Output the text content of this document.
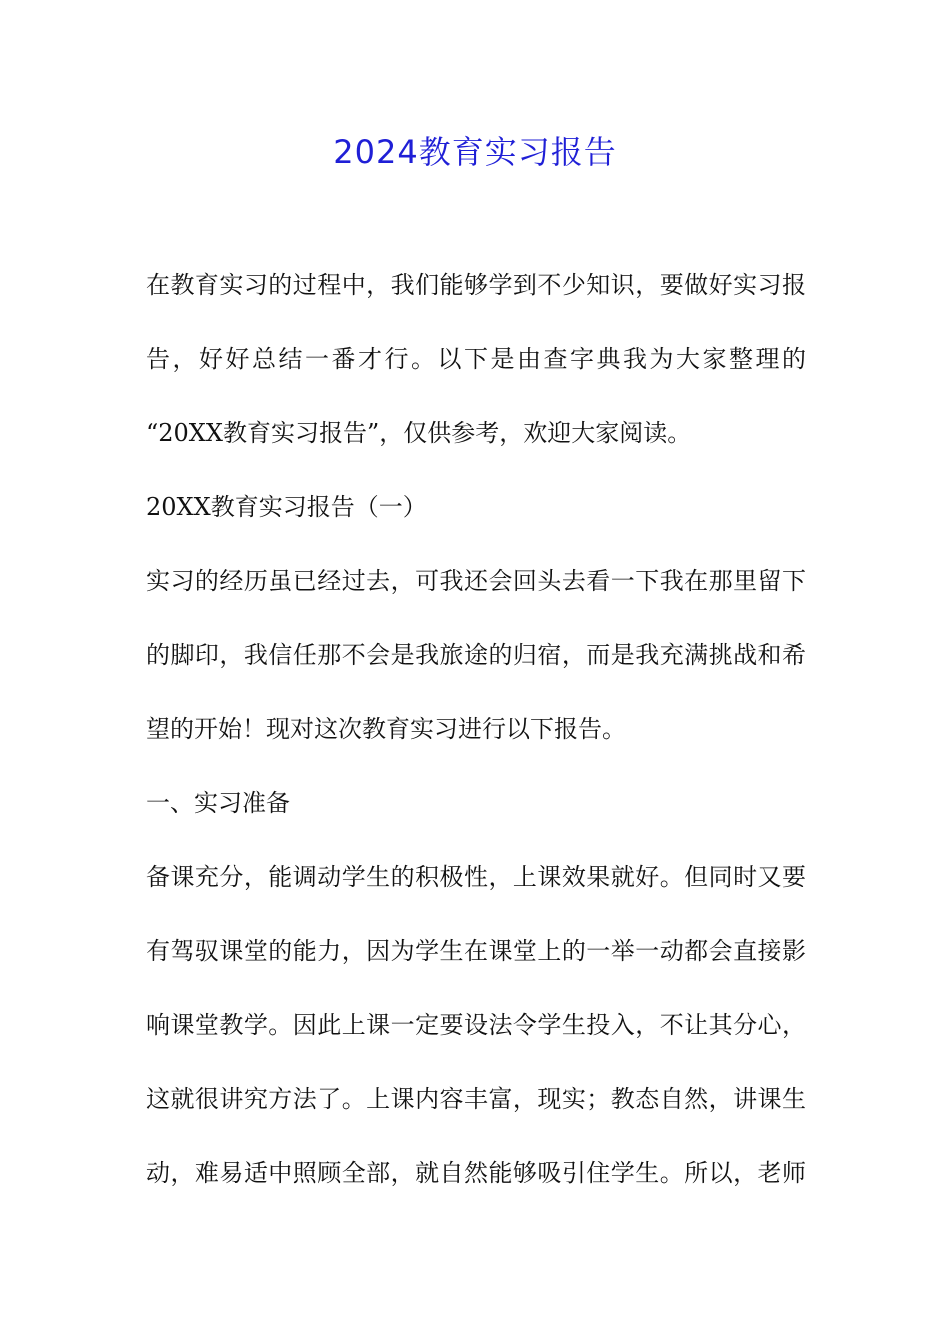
2024教育实习报告
在教育实习的过程中，我们能够学到不少知识，要做好实习报
告，好好总结一番才行。以下是由查字典我为大家整理的
“20XX教育实习报告”，仅供参考，欢迎大家阅读。
20XX教育实习报告（一）
实习的经历虽已经过去，可我还会回头去看一下我在那里留下
的脚印，我信任那不会是我旅途的归宿，而是我充满挑战和希
望的开始！现对这次教育实习进行以下报告。
一、实习准备
备课充分，能调动学生的积极性，上课效果就好。但同时又要
有驾驭课堂的能力，因为学生在课堂上的一举一动都会直接影
响课堂教学。因此上课一定要设法令学生投入，不让其分心，
这就很讲究方法了。上课内容丰富，现实；教态自然，讲课生
动，难易适中照顾全部，就自然能够吸引住学生。所以，老师
